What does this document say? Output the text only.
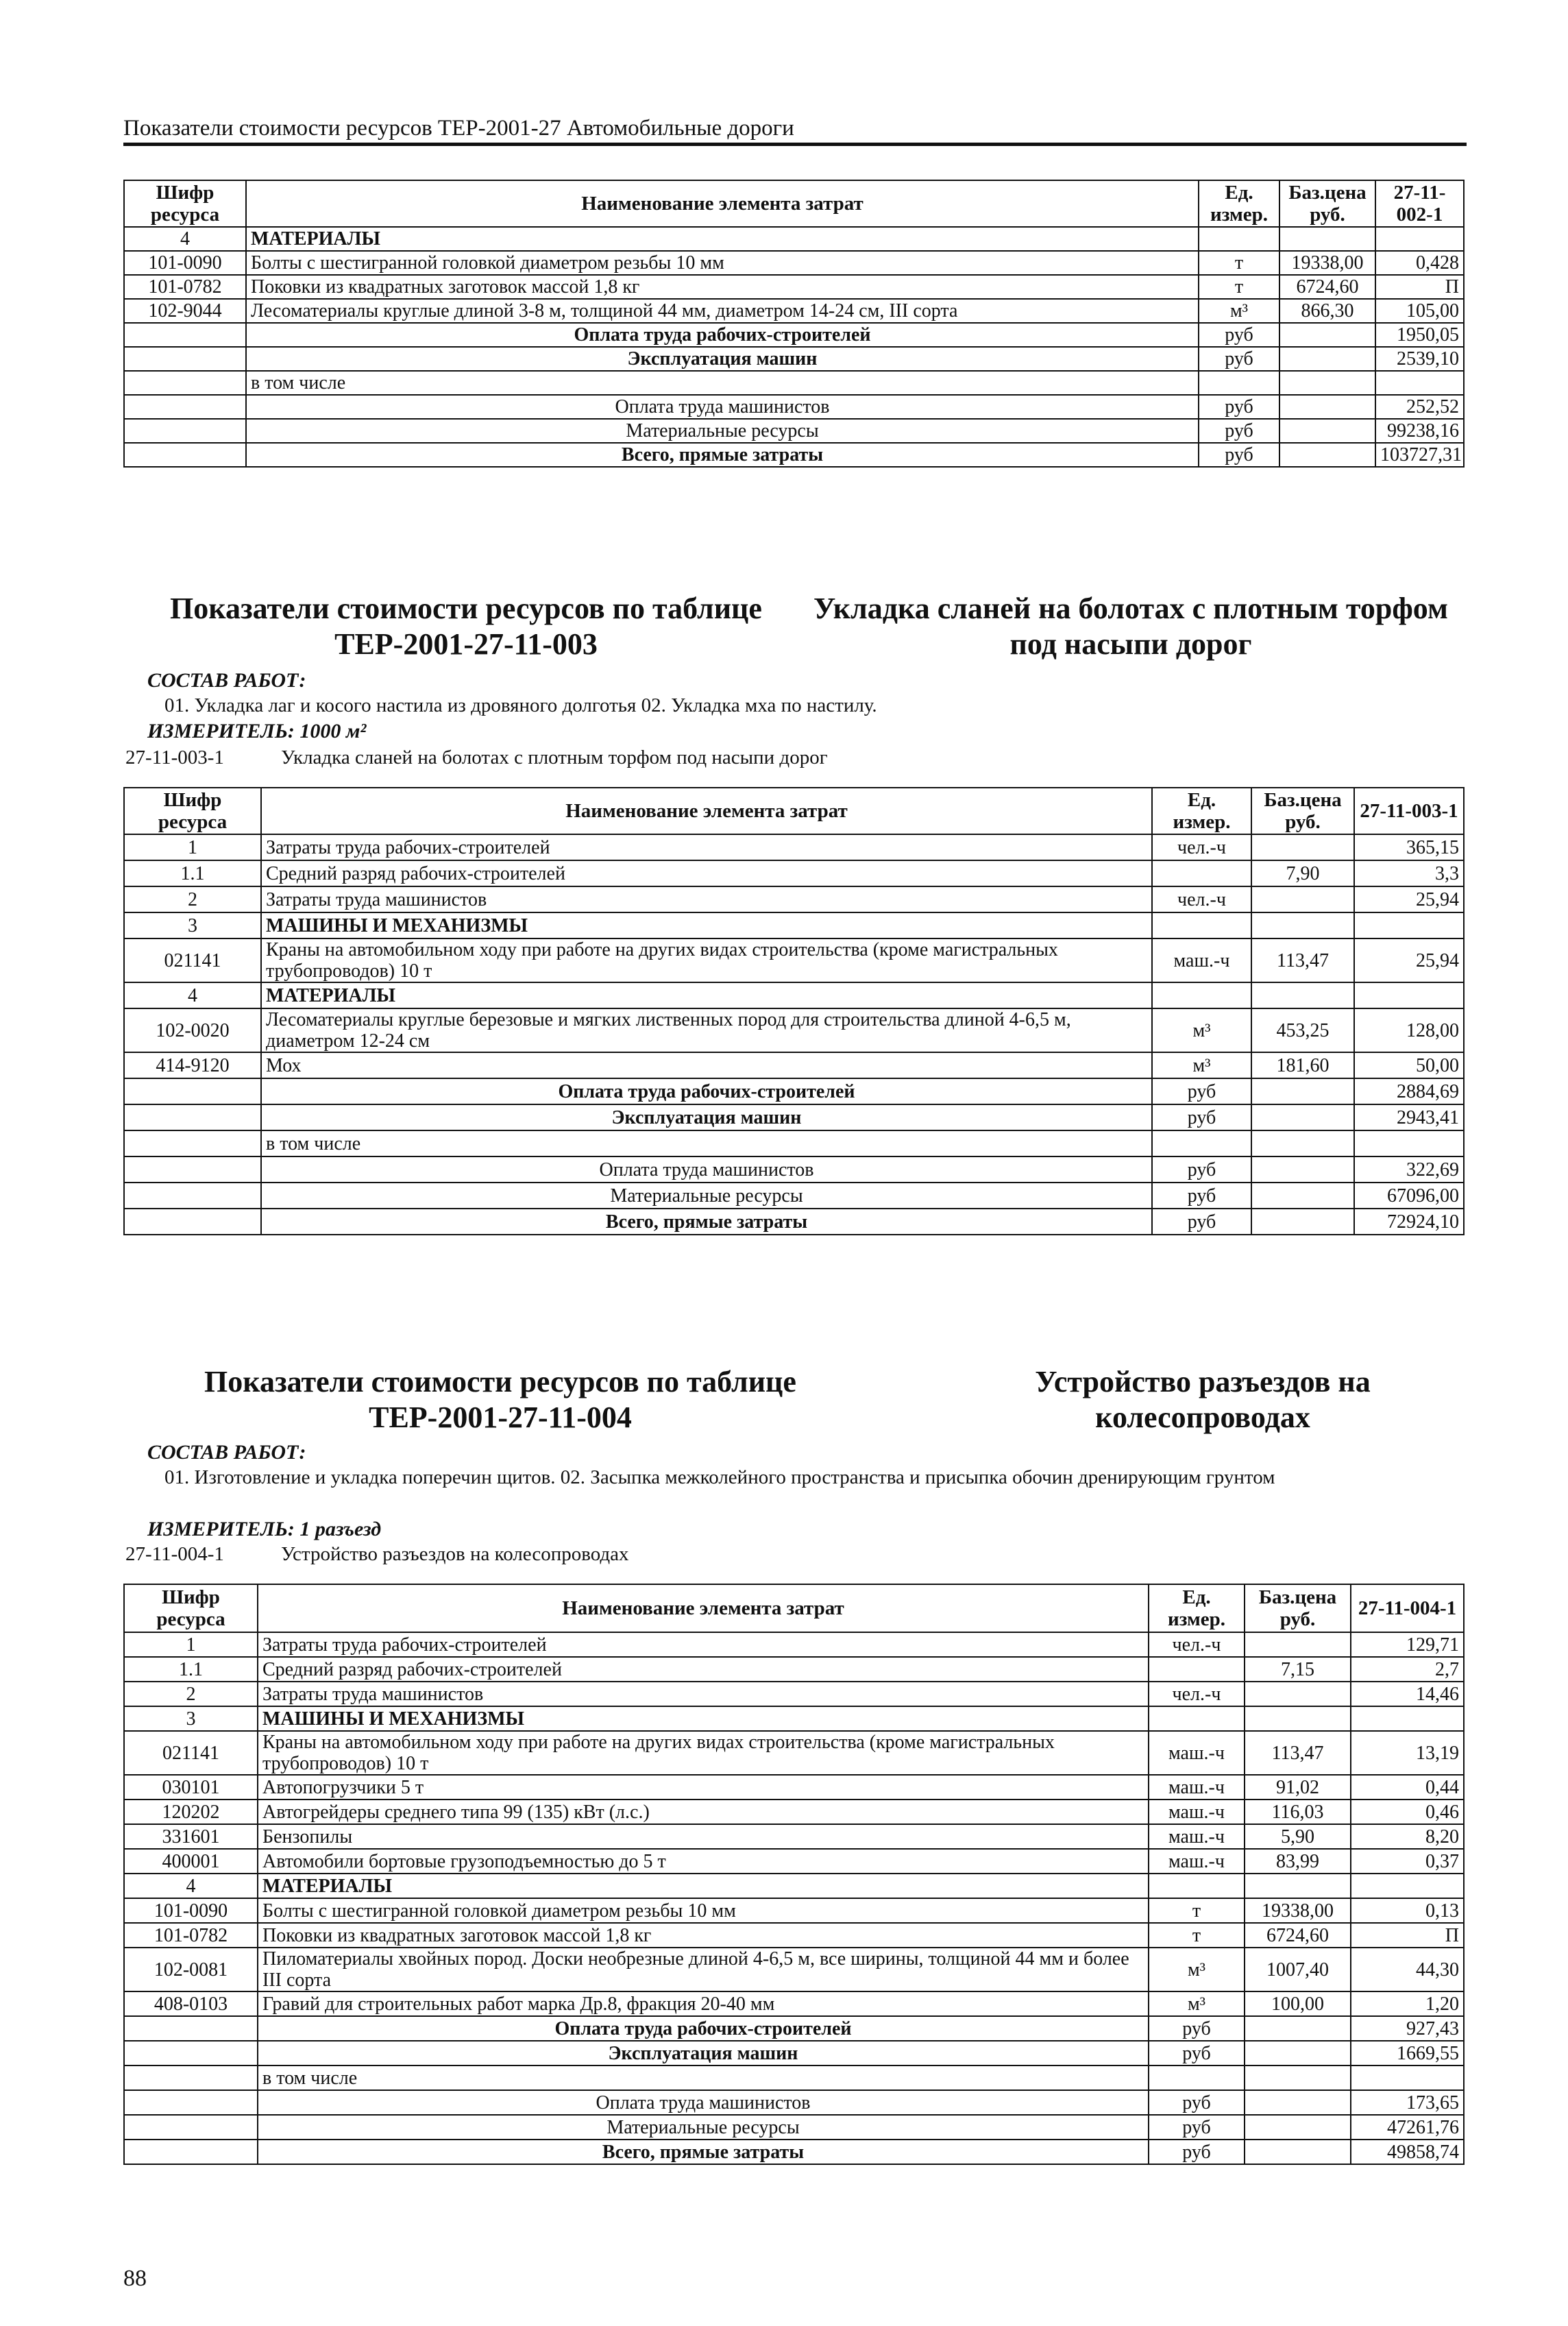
Показатели стоимости ресурсов ТЕР-2001-27 Автомобильные дороги
Шифр ресурса	Наименование элемента затрат	Ед. измер.	Баз.цена руб.	27-11-002-1
4	МАТЕРИАЛЫ			
101-0090	Болты с шестигранной головкой диаметром резьбы 10 мм	т	19338,00	0,428
101-0782	Поковки из квадратных заготовок массой 1,8 кг	т	6724,60	П
102-9044	Лесоматериалы круглые длиной 3-8 м, толщиной 44 мм, диаметром 14-24 см, III сорта	м³	866,30	105,00
	Оплата труда рабочих-строителей	руб		1950,05
	Эксплуатация машин	руб		2539,10
	в том числе			
	Оплата труда машинистов	руб		252,52
	Материальные ресурсы	руб		99238,16
	Всего, прямые затраты	руб		103727,31
Показатели стоимости ресурсов по таблице ТЕР-2001-27-11-003
Укладка сланей на болотах с плотным торфом под насыпи дорог
СОСТАВ РАБОТ:
01. Укладка лаг и косого настила из дровяного долготья 02. Укладка мха по настилу.
ИЗМЕРИТЕЛЬ: 1000 м²
27-11-003-1	Укладка сланей на болотах с плотным торфом под насыпи дорог
Шифр ресурса	Наименование элемента затрат	Ед. измер.	Баз.цена руб.	27-11-003-1
1	Затраты труда рабочих-строителей	чел.-ч		365,15
1.1	Средний разряд рабочих-строителей		7,90	3,3
2	Затраты труда машинистов	чел.-ч		25,94
3	МАШИНЫ И МЕХАНИЗМЫ			
021141	Краны на автомобильном ходу при работе на других видах строительства (кроме магистральных трубопроводов) 10 т	маш.-ч	113,47	25,94
4	МАТЕРИАЛЫ			
102-0020	Лесоматериалы круглые березовые и мягких лиственных пород для строительства длиной 4-6,5 м, диаметром 12-24 см	м³	453,25	128,00
414-9120	Мох	м³	181,60	50,00
	Оплата труда рабочих-строителей	руб		2884,69
	Эксплуатация машин	руб		2943,41
	в том числе			
	Оплата труда машинистов	руб		322,69
	Материальные ресурсы	руб		67096,00
	Всего, прямые затраты	руб		72924,10
Показатели стоимости ресурсов по таблице ТЕР-2001-27-11-004
Устройство разъездов на колесопроводах
СОСТАВ РАБОТ:
01. Изготовление и укладка поперечин щитов. 02. Засыпка межколейного пространства и присыпка обочин дренирующим грунтом
ИЗМЕРИТЕЛЬ: 1 разъезд
27-11-004-1	Устройство разъездов на колесопроводах
Шифр ресурса	Наименование элемента затрат	Ед. измер.	Баз.цена руб.	27-11-004-1
1	Затраты труда рабочих-строителей	чел.-ч		129,71
1.1	Средний разряд рабочих-строителей		7,15	2,7
2	Затраты труда машинистов	чел.-ч		14,46
3	МАШИНЫ И МЕХАНИЗМЫ			
021141	Краны на автомобильном ходу при работе на других видах строительства (кроме магистральных трубопроводов) 10 т	маш.-ч	113,47	13,19
030101	Автопогрузчики 5 т	маш.-ч	91,02	0,44
120202	Автогрейдеры среднего типа 99 (135) кВт (л.с.)	маш.-ч	116,03	0,46
331601	Бензопилы	маш.-ч	5,90	8,20
400001	Автомобили бортовые грузоподъемностью до 5 т	маш.-ч	83,99	0,37
4	МАТЕРИАЛЫ			
101-0090	Болты с шестигранной головкой диаметром резьбы 10 мм	т	19338,00	0,13
101-0782	Поковки из квадратных заготовок массой 1,8 кг	т	6724,60	П
102-0081	Пиломатериалы хвойных пород. Доски необрезные длиной 4-6,5 м, все ширины, толщиной 44 мм и более III сорта	м³	1007,40	44,30
408-0103	Гравий для строительных работ марка Др.8, фракция 20-40 мм	м³	100,00	1,20
	Оплата труда рабочих-строителей	руб		927,43
	Эксплуатация машин	руб		1669,55
	в том числе			
	Оплата труда машинистов	руб		173,65
	Материальные ресурсы	руб		47261,76
	Всего, прямые затраты	руб		49858,74
88
